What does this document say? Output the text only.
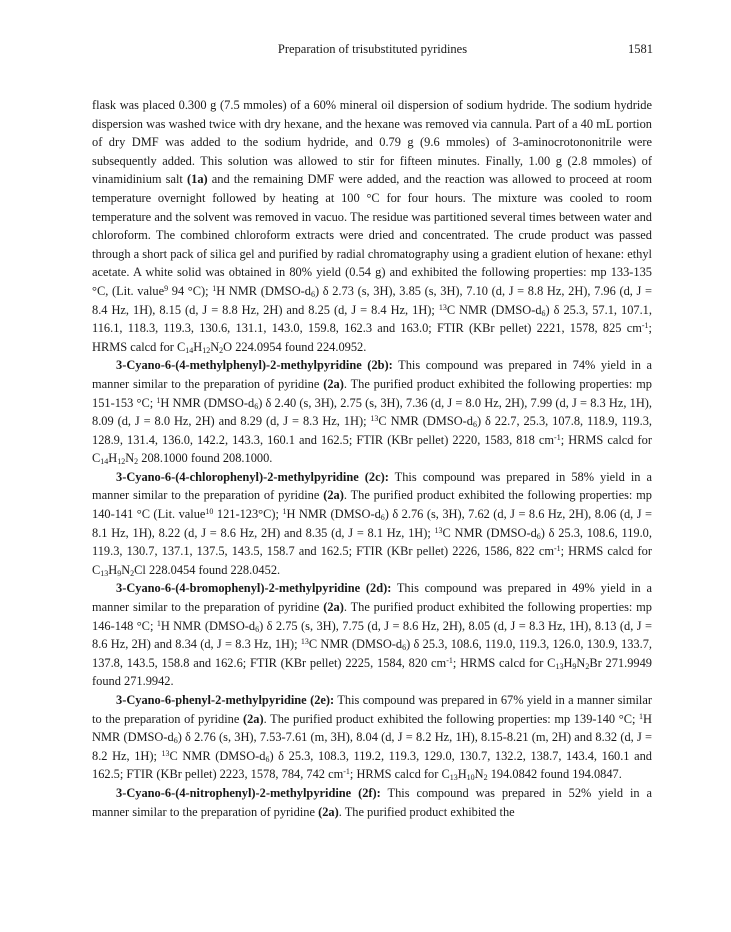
Preparation of trisubstituted pyridines	1581

flask was placed 0.300 g (7.5 mmoles) of a 60% mineral oil dispersion of sodium hydride. The sodium hydride dispersion was washed twice with dry hexane, and the hexane was removed via cannula. Part of a 40 mL portion of dry DMF was added to the sodium hydride, and 0.79 g (9.6 mmoles) of 3-aminocrotononitrile were subsequently added. This solution was allowed to stir for fifteen minutes. Finally, 1.00 g (2.8 mmoles) of vinamidinium salt (1a) and the remaining DMF were added, and the reaction was allowed to proceed at room temperature overnight followed by heating at 100 °C for four hours. The mixture was cooled to room temperature and the solvent was removed in vacuo. The residue was partitioned several times between water and chloroform. The combined chloroform extracts were dried and concentrated. The crude product was passed through a short pack of silica gel and purified by radial chromatography using a gradient elution of hexane: ethyl acetate. A white solid was obtained in 80% yield (0.54 g) and exhibited the following properties: mp 133-135 °C, (Lit. value$^9$ 94 °C); $^1$H NMR $(DMSO-d_6)$ δ 2.73 (s, 3H), 3.85 (s, 3H), 7.10 (d, J = 8.8 Hz, 2H), 7.96 (d, J = 8.4 Hz, 1H), 8.15 (d, J = 8.8 Hz, 2H) and 8.25 (d, J = 8.4 Hz, 1H); $^{13}$C NMR $(DMSO-d_6)$ δ 25.3, 57.1, 107.1, 116.1, 118.3, 119.3, 130.6, 131.1, 143.0, 159.8, 162.3 and 163.0; FTIR (KBr pellet) 2221, 1578, 825 $cm^{-1}$; HRMS calcd for $C_{14}H_{12}N_2O$ 224.0954 found 224.0952.

3-Cyano-6-(4-methylphenyl)-2-methylpyridine (2b): This compound was prepared in 74% yield in a manner similar to the preparation of pyridine (2a). The purified product exhibited the following properties: mp 151-153 °C; $^1$H NMR $(DMSO-d_6)$ δ 2.40 (s, 3H), 2.75 (s, 3H), 7.36 (d, J = 8.0 Hz, 2H), 7.99 (d, J = 8.3 Hz, 1H), 8.09 (d, J = 8.0 Hz, 2H) and 8.29 (d, J = 8.3 Hz, 1H); $^{13}$C NMR $(DMSO-d_6)$ δ 22.7, 25.3, 107.8, 118.9, 119.3, 128.9, 131.4, 136.0, 142.2, 143.3, 160.1 and 162.5; FTIR (KBr pellet) 2220, 1583, 818 $cm^{-1}$; HRMS calcd for $C_{14}H_{12}N_2$ 208.1000 found 208.1000.

3-Cyano-6-(4-chlorophenyl)-2-methylpyridine (2c): This compound was prepared in 58% yield in a manner similar to the preparation of pyridine (2a). The purified product exhibited the following properties: mp 140-141 °C (Lit. value$^{10}$ 121-123°C); $^1$H NMR $(DMSO-d_6)$ δ 2.76 (s, 3H), 7.62 (d, J = 8.6 Hz, 2H), 8.06 (d, J = 8.1 Hz, 1H), 8.22 (d, J = 8.6 Hz, 2H) and 8.35 (d, J = 8.1 Hz, 1H); $^{13}$C NMR $(DMSO-d_6)$ δ 25.3, 108.6, 119.0, 119.3, 130.7, 137.1, 137.5, 143.5, 158.7 and 162.5; FTIR (KBr pellet) 2226, 1586, 822 $cm^{-1}$; HRMS calcd for $C_{13}H_9N_2Cl$ 228.0454 found 228.0452.

3-Cyano-6-(4-bromophenyl)-2-methylpyridine (2d): This compound was prepared in 49% yield in a manner similar to the preparation of pyridine (2a). The purified product exhibited the following properties: mp 146-148 °C; $^1$H NMR $(DMSO-d_6)$ δ 2.75 (s, 3H), 7.75 (d, J = 8.6 Hz, 2H), 8.05 (d, J = 8.3 Hz, 1H), 8.13 (d, J = 8.6 Hz, 2H) and 8.34 (d, J = 8.3 Hz, 1H); $^{13}$C NMR $(DMSO-d_6)$ δ 25.3, 108.6, 119.0, 119.3, 126.0, 130.9, 133.7, 137.8, 143.5, 158.8 and 162.6; FTIR (KBr pellet) 2225, 1584, 820 $cm^{-1}$; HRMS calcd for $C_{13}H_9N_2Br$ 271.9949 found 271.9942.

3-Cyano-6-phenyl-2-methylpyridine (2e): This compound was prepared in 67% yield in a manner similar to the preparation of pyridine (2a). The purified product exhibited the following properties: mp 139-140 °C; $^1$H NMR $(DMSO-d_6)$ δ 2.76 (s, 3H), 7.53-7.61 (m, 3H), 8.04 (d, J = 8.2 Hz, 1H), 8.15-8.21 (m, 2H) and 8.32 (d, J = 8.2 Hz, 1H); $^{13}$C NMR $(DMSO-d_6)$ δ 25.3, 108.3, 119.2, 119.3, 129.0, 130.7, 132.2, 138.7, 143.4, 160.1 and 162.5; FTIR (KBr pellet) 2223, 1578, 784, 742 $cm^{-1}$; HRMS calcd for $C_{13}H_{10}N_2$ 194.0842 found 194.0847.

3-Cyano-6-(4-nitrophenyl)-2-methylpyridine (2f): This compound was prepared in 52% yield in a manner similar to the preparation of pyridine (2a). The purified product exhibited the
